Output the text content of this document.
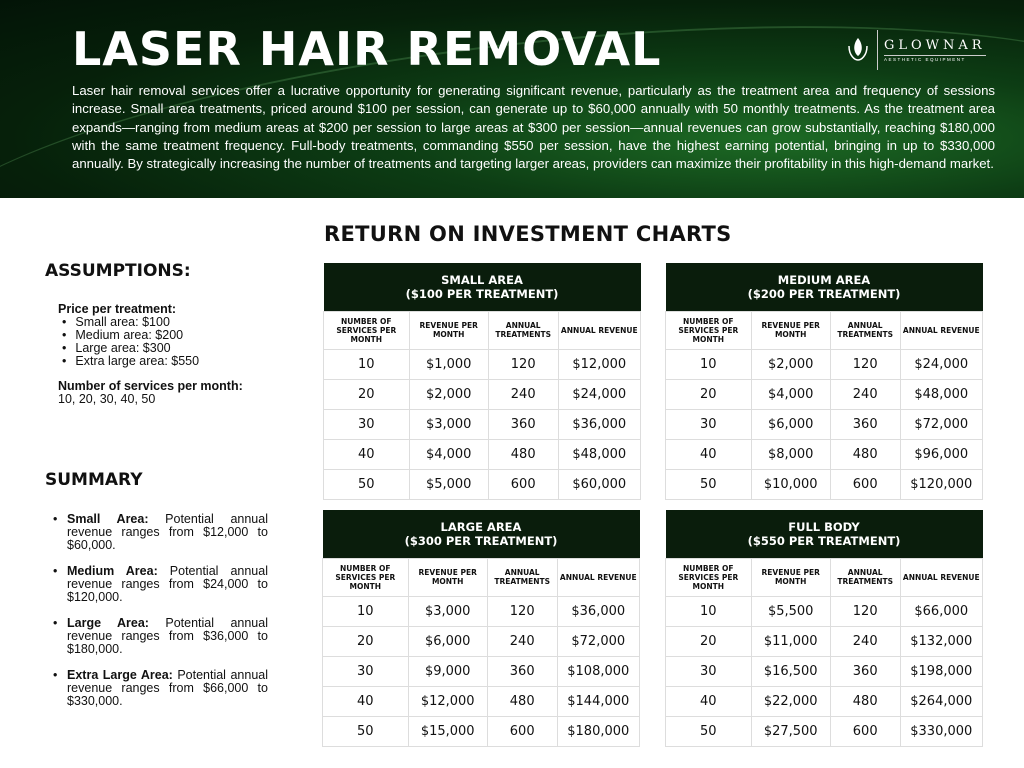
LASER HAIR REMOVAL	GLOWNAR
AESTHETIC EQUIPMENT

Laser hair removal services offer a lucrative opportunity for generating significant revenue, particularly as the treatment area and frequency of sessions increase. Small area treatments, priced around $100 per session, can generate up to $60,000 annually with 50 monthly treatments. As the treatment area expands—ranging from medium areas at $200 per session to large areas at $300 per session—annual revenues can grow substantially, reaching $180,000 with the same treatment frequency. Full-body treatments, commanding $550 per session, have the highest earning potential, bringing in up to $330,000 annually. By strategically increasing the number of treatments and targeting larger areas, providers can maximize their profitability in this high-demand market.

RETURN ON INVESTMENT CHARTS
ASSUMPTIONS:
Price per treatment:
• Small area: $100
• Medium area: $200
• Large area: $300
• Extra large area: $550
Number of services per month:
10, 20, 30, 40, 50
SUMMARY
• Small Area: Potential annual revenue ranges from $12,000 to $60,000.
• Medium Area: Potential annual revenue ranges from $24,000 to $120,000.
• Large Area: Potential annual revenue ranges from $36,000 to $180,000.
• Extra Large Area: Potential annual revenue ranges from $66,000 to $330,000.
SMALL AREA
($100 PER TREATMENT)			
NUMBER OF SERVICES PER MONTH	REVENUE PER MONTH	ANNUAL TREATMENTS	ANNUAL REVENUE
10	$1,000	120	$12,000
20	$2,000	240	$24,000
30	$3,000	360	$36,000
40	$4,000	480	$48,000
50	$5,000	600	$60,000
MEDIUM AREA
($200 PER TREATMENT)			
NUMBER OF SERVICES PER MONTH	REVENUE PER MONTH	ANNUAL TREATMENTS	ANNUAL REVENUE
10	$2,000	120	$24,000
20	$4,000	240	$48,000
30	$6,000	360	$72,000
40	$8,000	480	$96,000
50	$10,000	600	$120,000
LARGE AREA
($300 PER TREATMENT)			
NUMBER OF SERVICES PER MONTH	REVENUE PER MONTH	ANNUAL TREATMENTS	ANNUAL REVENUE
10	$3,000	120	$36,000
20	$6,000	240	$72,000
30	$9,000	360	$108,000
40	$12,000	480	$144,000
50	$15,000	600	$180,000
FULL BODY
($550 PER TREATMENT)			
NUMBER OF SERVICES PER MONTH	REVENUE PER MONTH	ANNUAL TREATMENTS	ANNUAL REVENUE
10	$5,500	120	$66,000
20	$11,000	240	$132,000
30	$16,500	360	$198,000
40	$22,000	480	$264,000
50	$27,500	600	$330,000
